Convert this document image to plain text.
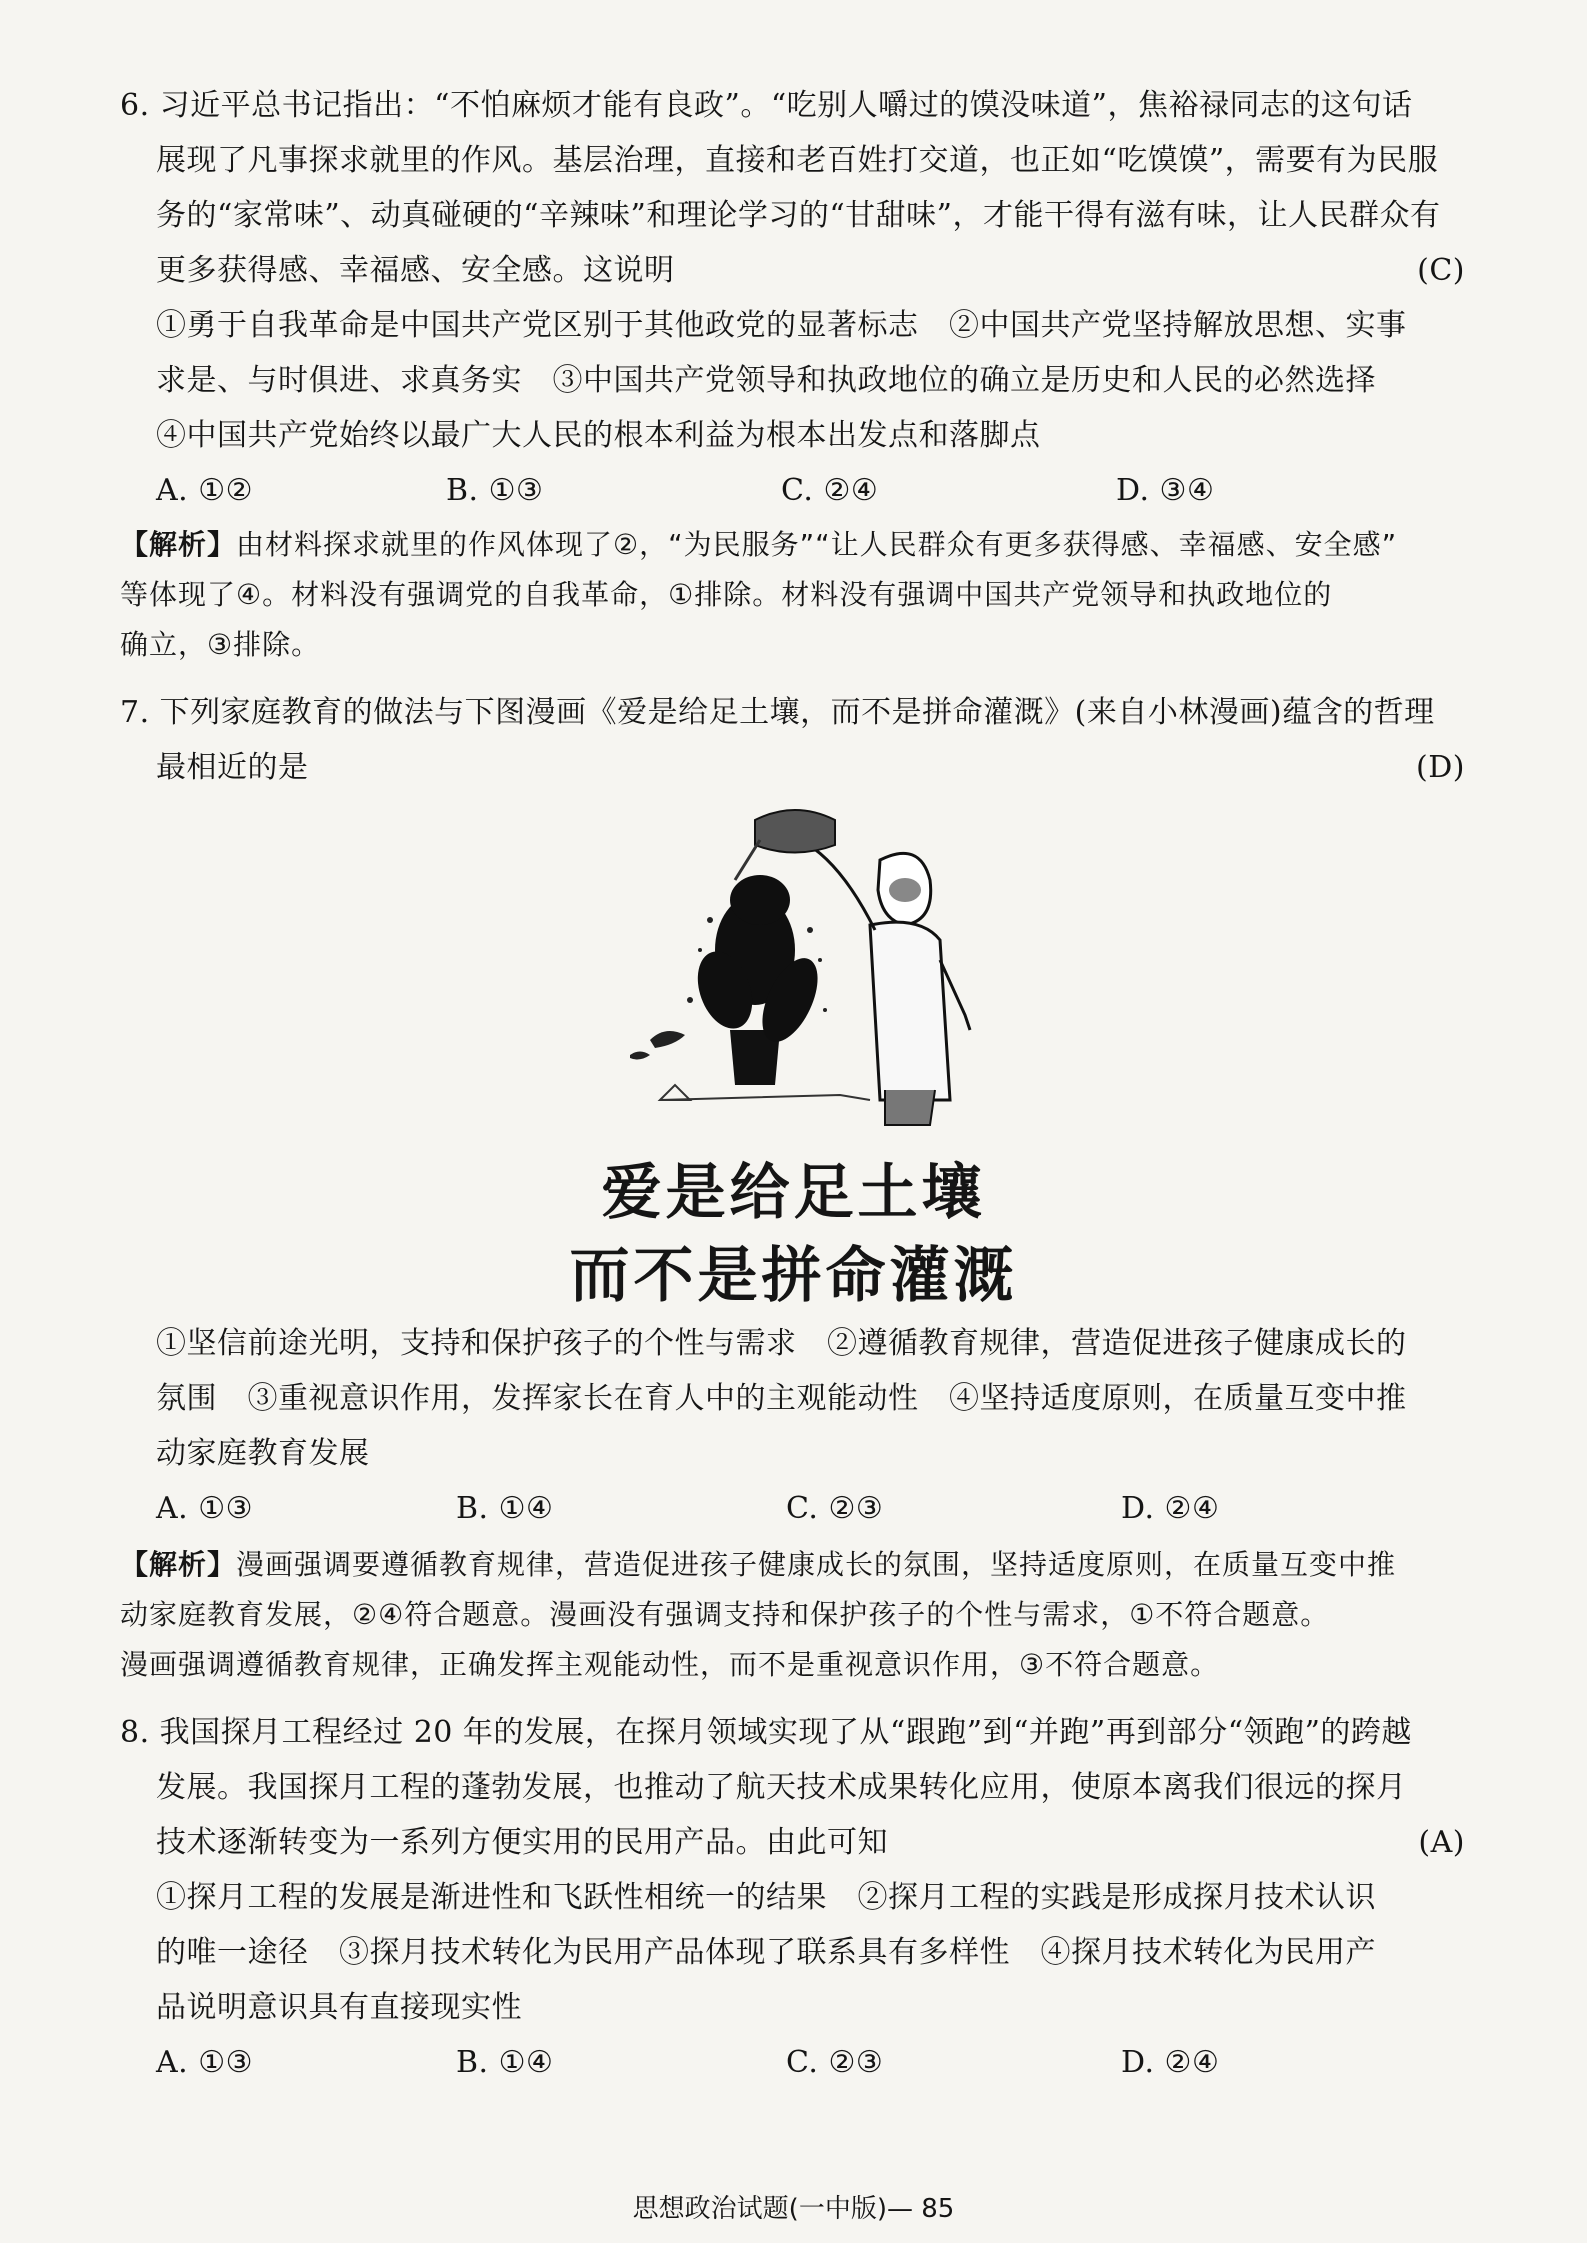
6. 习近平总书记指出：“不怕麻烦才能有良政”。“吃别人嚼过的馍没味道”，焦裕禄同志的这句话
展现了凡事探求就里的作风。基层治理，直接和老百姓打交道，也正如“吃馍馍”，需要有为民服
务的“家常味”、动真碰硬的“辛辣味”和理论学习的“甘甜味”，才能干得有滋有味，让人民群众有
更多获得感、幸福感、安全感。这说明	(C)
①勇于自我革命是中国共产党区别于其他政党的显著标志　②中国共产党坚持解放思想、实事
求是、与时俱进、求真务实　③中国共产党领导和执政地位的确立是历史和人民的必然选择
④中国共产党始终以最广大人民的根本利益为根本出发点和落脚点
A. ①②	B. ①③	C. ②④	D. ③④
【解析】由材料探求就里的作风体现了②，“为民服务”“让人民群众有更多获得感、幸福感、安全感”
等体现了④。材料没有强调党的自我革命，①排除。材料没有强调中国共产党领导和执政地位的
确立，③排除。
7. 下列家庭教育的做法与下图漫画《爱是给足土壤，而不是拼命灌溉》(来自小林漫画)蕴含的哲理
最相近的是	(D)
爱是给足土壤
而不是拼命灌溉
①坚信前途光明，支持和保护孩子的个性与需求　②遵循教育规律，营造促进孩子健康成长的
氛围　③重视意识作用，发挥家长在育人中的主观能动性　④坚持适度原则，在质量互变中推
动家庭教育发展
A. ①③	B. ①④	C. ②③	D. ②④
【解析】漫画强调要遵循教育规律，营造促进孩子健康成长的氛围，坚持适度原则，在质量互变中推
动家庭教育发展，②④符合题意。漫画没有强调支持和保护孩子的个性与需求，①不符合题意。
漫画强调遵循教育规律，正确发挥主观能动性，而不是重视意识作用，③不符合题意。
8. 我国探月工程经过 20 年的发展，在探月领域实现了从“跟跑”到“并跑”再到部分“领跑”的跨越
发展。我国探月工程的蓬勃发展，也推动了航天技术成果转化应用，使原本离我们很远的探月
技术逐渐转变为一系列方便实用的民用产品。由此可知	(A)
①探月工程的发展是渐进性和飞跃性相统一的结果　②探月工程的实践是形成探月技术认识
的唯一途径　③探月技术转化为民用产品体现了联系具有多样性　④探月技术转化为民用产
品说明意识具有直接现实性
A. ①③	B. ①④	C. ②③	D. ②④
思想政治试题(一中版)— 85
